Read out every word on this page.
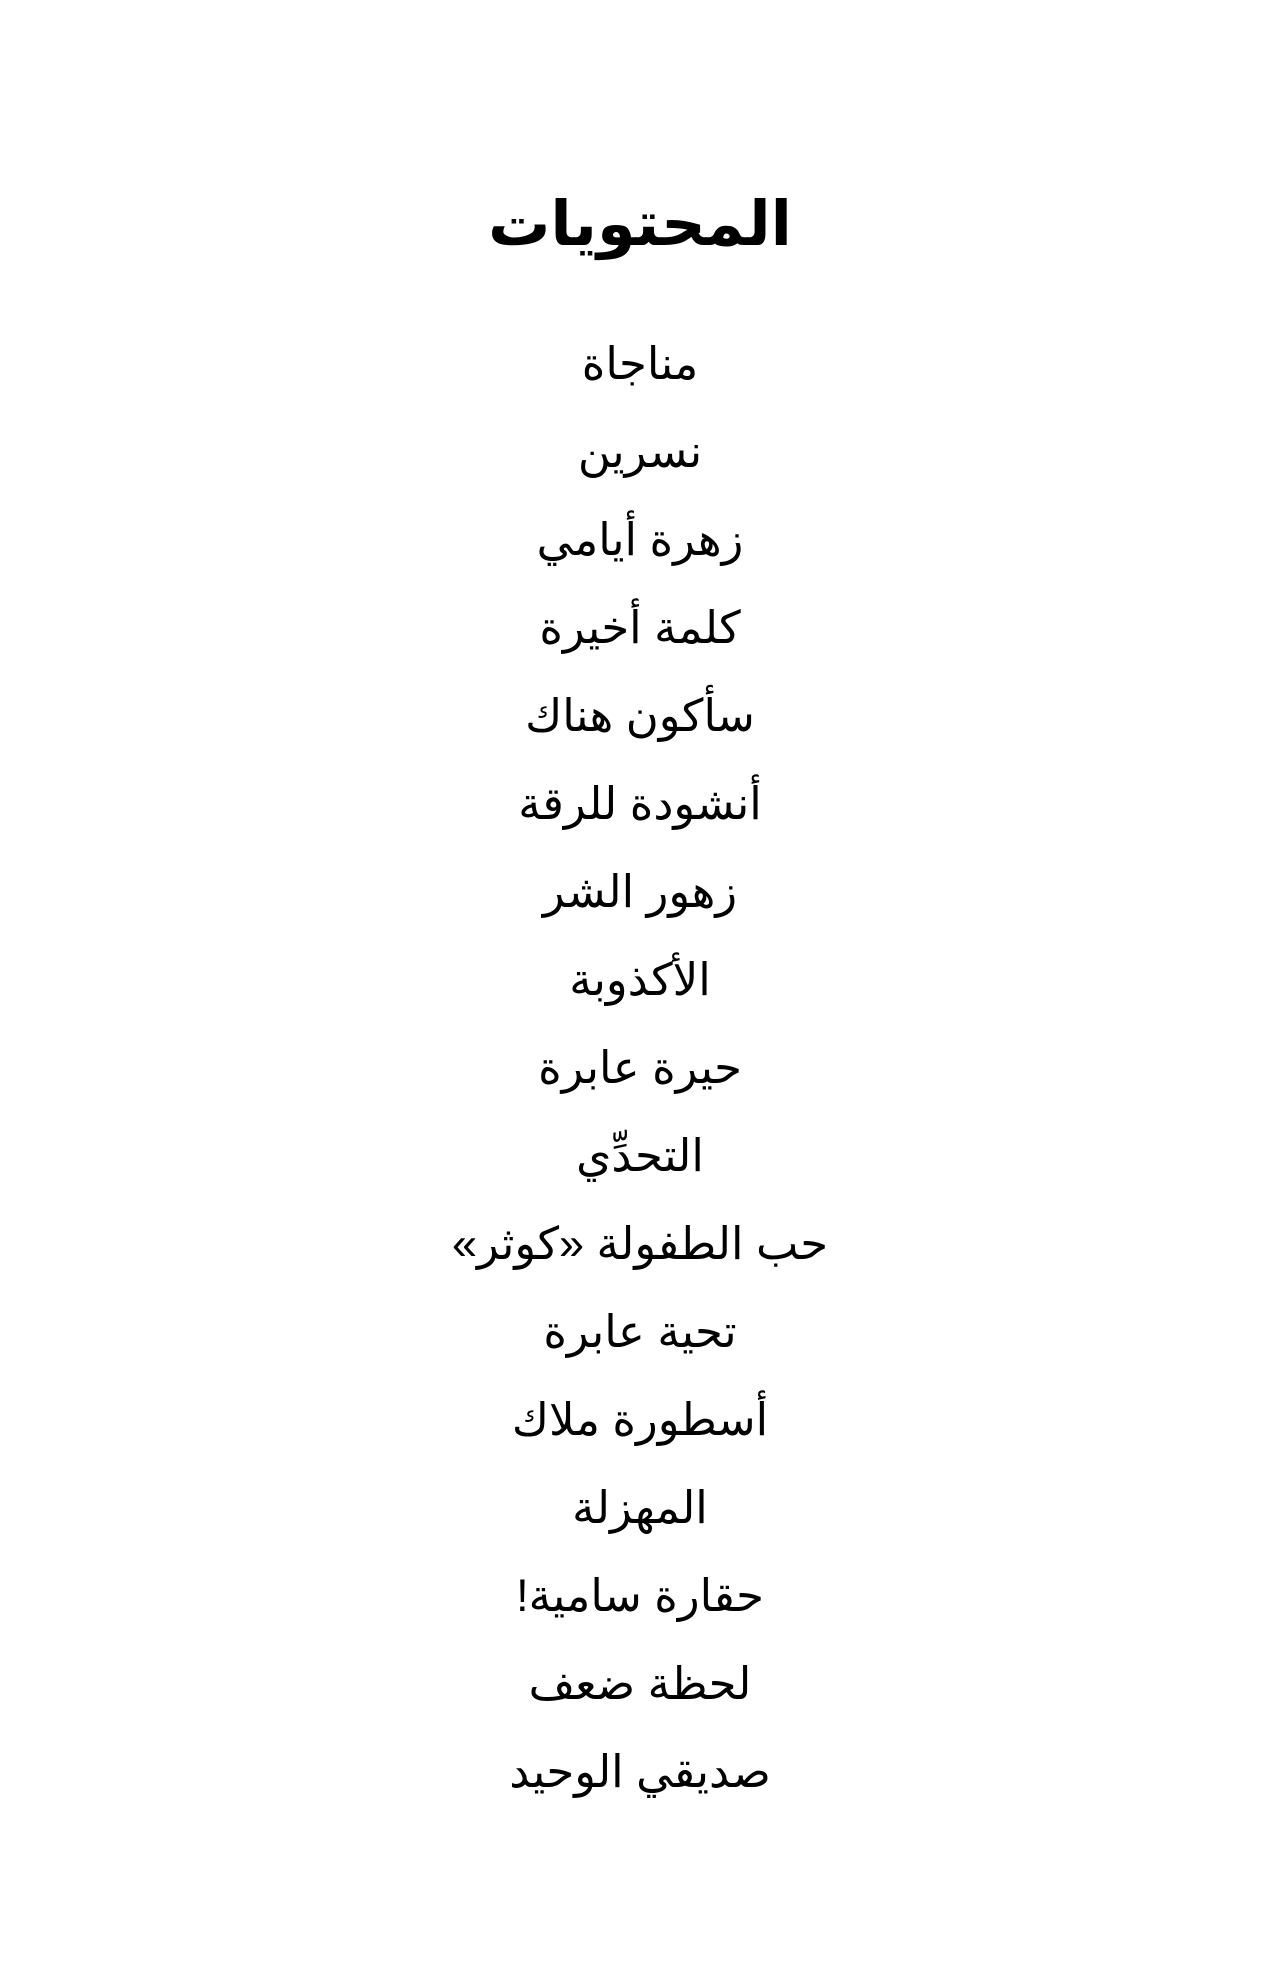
المحتويات
مناجاة
نسرين
زهرة أيامي
كلمة أخيرة
سأكون هناك
أنشودة للرقة
زهور الشر
الأكذوبة
حيرة عابرة
التحدِّي
حب الطفولة «كوثر»
تحية عابرة
أسطورة ملاك
المهزلة
حقارة سامية!
لحظة ضعف
صديقي الوحيد
